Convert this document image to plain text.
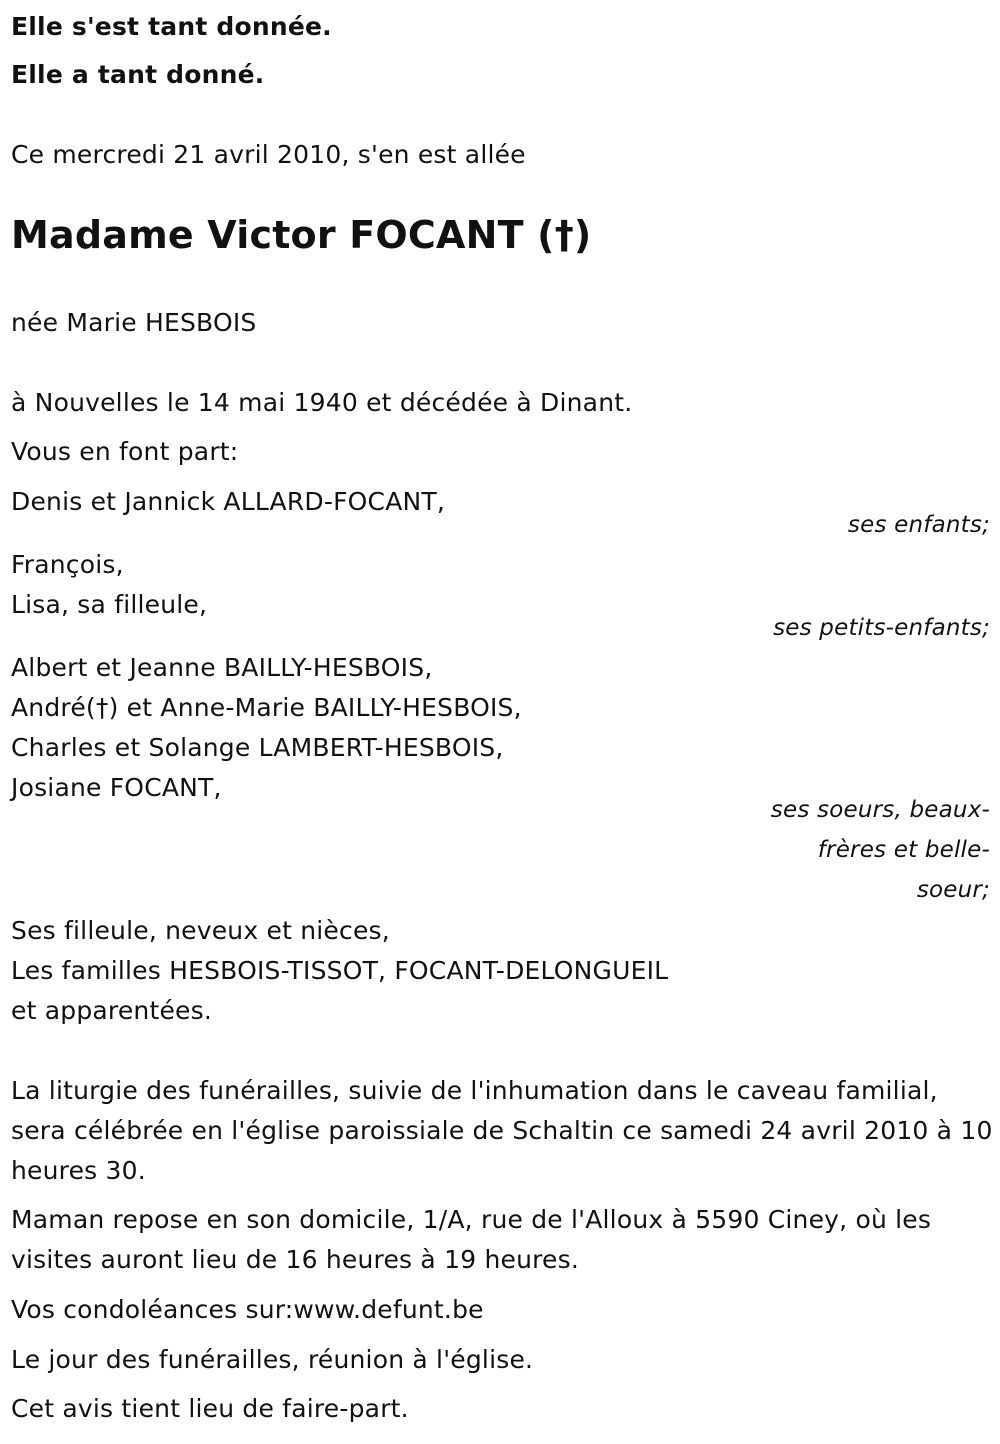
Elle s'est tant donnée.
Elle a tant donné.
Ce mercredi 21 avril 2010, s'en est allée
Madame Victor FOCANT (†)
née Marie HESBOIS
à Nouvelles le 14 mai 1940 et décédée à Dinant.
Vous en font part:
Denis et Jannick ALLARD-FOCANT,
ses enfants;
François,
Lisa, sa filleule,
ses petits-enfants;
Albert et Jeanne BAILLY-HESBOIS,
André(†) et Anne-Marie BAILLY-HESBOIS,
Charles et Solange LAMBERT-HESBOIS,
Josiane FOCANT,
ses soeurs, beaux-
frères et belle-
soeur;
Ses filleule, neveux et nièces,
Les familles HESBOIS-TISSOT, FOCANT-DELONGUEIL
et apparentées.
La liturgie des funérailles, suivie de l'inhumation dans le caveau familial, sera célébrée en l'église paroissiale de Schaltin ce samedi 24 avril 2010 à 10 heures 30.
Maman repose en son domicile, 1/A, rue de l'Alloux à 5590 Ciney, où les visites auront lieu de 16 heures à 19 heures.
Vos condoléances sur:www.defunt.be
Le jour des funérailles, réunion à l'église.
Cet avis tient lieu de faire-part.
